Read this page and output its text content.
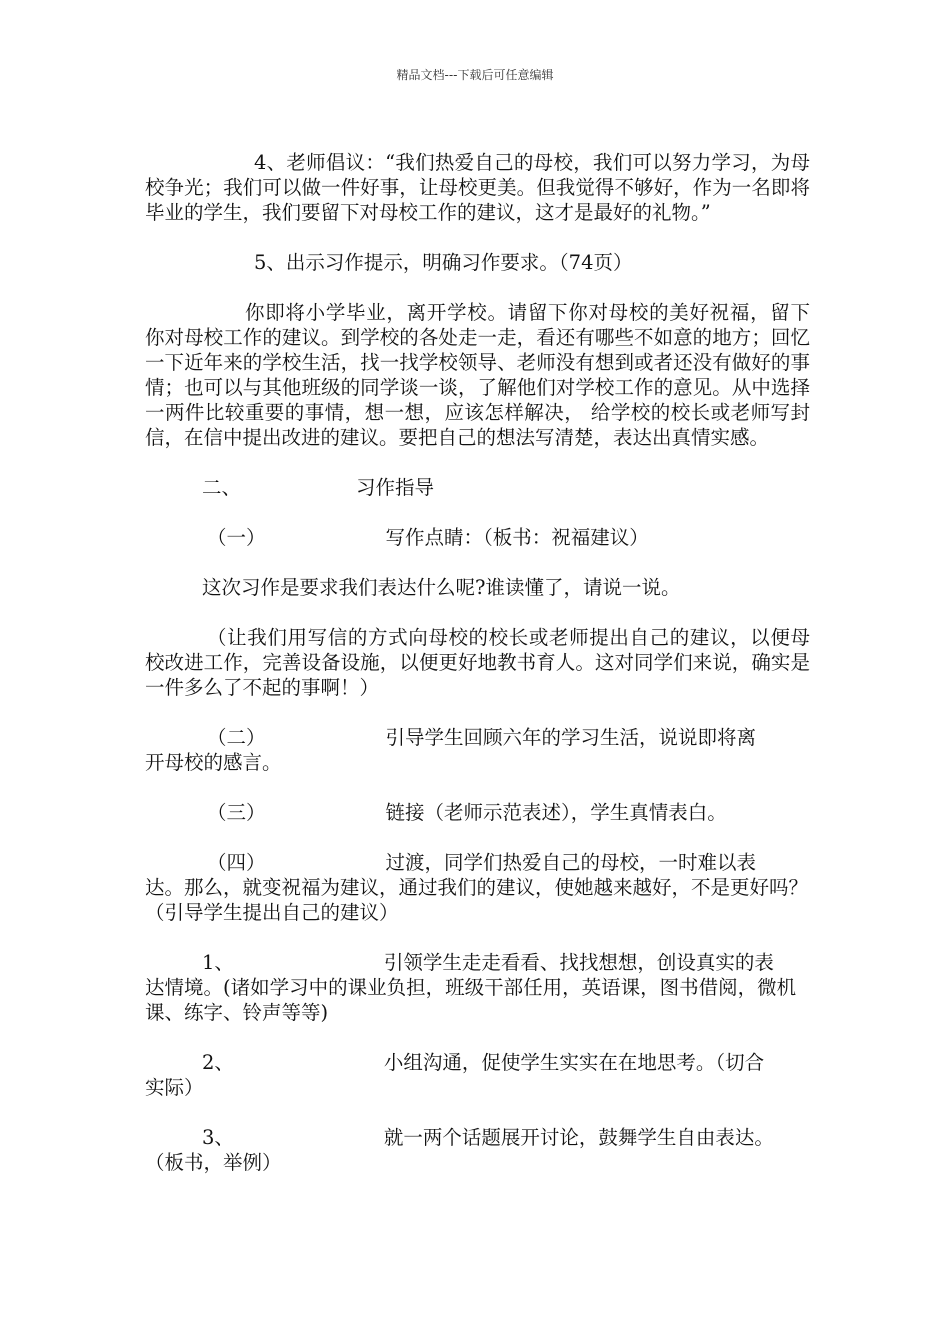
精品文档---下载后可任意编辑

4、老师倡议：“我们热爱自己的母校，我们可以努力学习，为母校争光；我们可以做一件好事，让母校更美。但我觉得不够好，作为一名即将毕业的学生，我们要留下对母校工作的建议，这才是最好的礼物。”

5、出示习作提示，明确习作要求。（74页）

你即将小学毕业，离开学校。请留下你对母校的美好祝福，留下你对母校工作的建议。到学校的各处走一走，看还有哪些不如意的地方；回忆一下近年来的学校生活，找一找学校领导、老师没有想到或者还没有做好的事情；也可以与其他班级的同学谈一谈，了解他们对学校工作的意见。从中选择一两件比较重要的事情，想一想，应该怎样解决， 给学校的校长或老师写封信，在信中提出改进的建议。要把自己的想法写清楚，表达出真情实感。

二、	习作指导
（一）	写作点睛：（板书：祝福建议）
这次习作是要求我们表达什么呢?谁读懂了，请说一说。

（让我们用写信的方式向母校的校长或老师提出自己的建议，以便母校改进工作，完善设备设施，以便更好地教书育人。这对同学们来说，确实是一件多么了不起的事啊！）

（二）	引导学生回顾六年的学习生活，说说即将离
开母校的感言。
（三）	链接（老师示范表述），学生真情表白。
（四）	过渡，同学们热爱自己的母校，一时难以表
达。那么，就变祝福为建议，通过我们的建议，使她越来越好，不是更好吗？（引导学生提出自己的建议）
1、	引领学生走走看看、找找想想，创设真实的表
达情境。(诸如学习中的课业负担，班级干部任用，英语课，图书借阅，微机课、练字、铃声等等)
2、	小组沟通，促使学生实实在在地思考。（切合
实际）
3、	就一两个话题展开讨论，鼓舞学生自由表达。
（板书，举例）
